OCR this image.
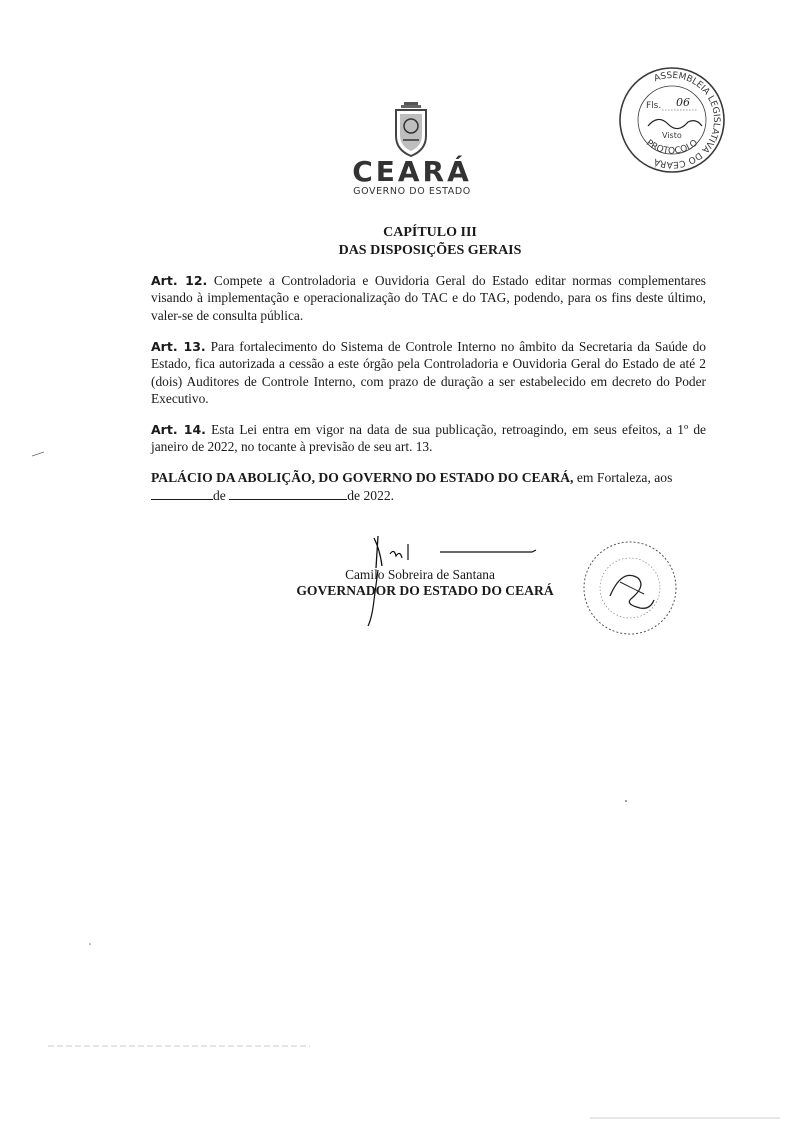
CEARÁ
GOVERNO DO ESTADO
ASSEMBLEIA LEGISLATIVA DO CEARÁ
PROTOCOLO
Fls. 06
Visto
CAPÍTULO III
DAS DISPOSIÇÕES GERAIS
Art. 12. Compete a Controladoria e Ouvidoria Geral do Estado editar normas complementares visando à implementação e operacionalização do TAC e do TAG, podendo, para os fins deste último, valer-se de consulta pública.
Art. 13. Para fortalecimento do Sistema de Controle Interno no âmbito da Secretaria da Saúde do Estado, fica autorizada a cessão a este órgão pela Controladoria e Ouvidoria Geral do Estado de até 2 (dois) Auditores de Controle Interno, com prazo de duração a ser estabelecido em decreto do Poder Executivo.
Art. 14. Esta Lei entra em vigor na data de sua publicação, retroagindo, em seus efeitos, a 1º de janeiro de 2022, no tocante à previsão de seu art. 13.
PALÁCIO DA ABOLIÇÃO, DO GOVERNO DO ESTADO DO CEARÁ, em Fortaleza, aos
de	de 2022.
Camilo Sobreira de Santana
GOVERNADOR DO ESTADO DO CEARÁ
